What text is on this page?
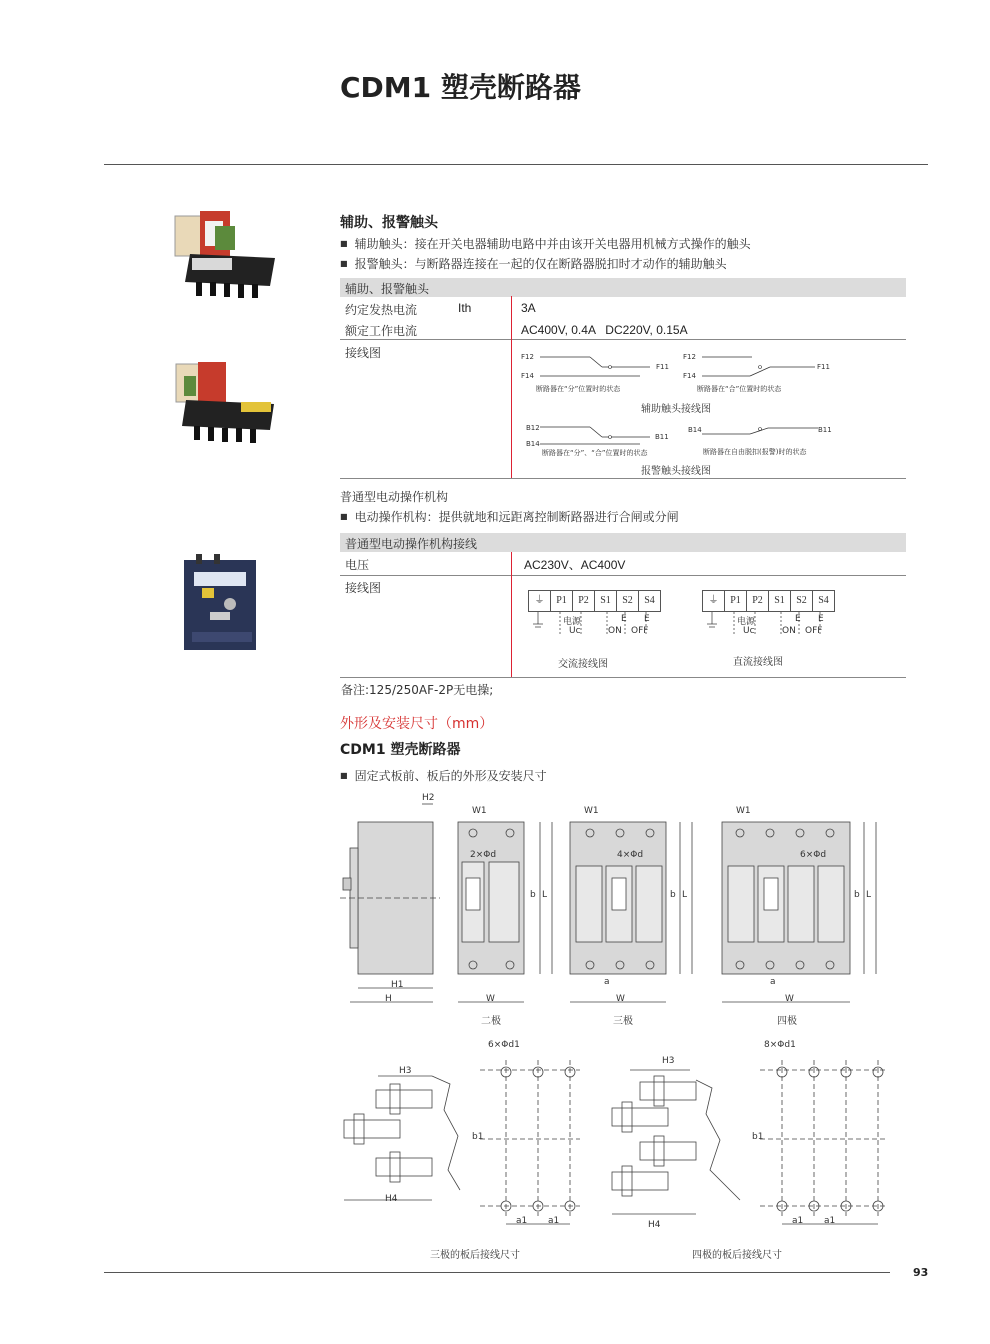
CDM1 塑壳断路器
辅助、报警触头
■ 辅助触头：接在开关电器辅助电路中并由该开关电器用机械方式操作的触头
■ 报警触头：与断路器连接在一起的仅在断路器脱扣时才动作的辅助触头
辅助、报警触头
约定发热电流	Ith	3A
额定工作电流	AC400V, 0.4A   DC220V, 0.15A
接线图	F12
F14
F11
F12
F14
F11
断路器在“分”位置时的状态	断路器在“合”位置时的状态
辅助触头接线图
B12
B14
B11
B14	B11
断路器在“分”、“合”位置时的状态	断路器在自由脱扣(报警)时的状态
报警触头接线图
普通型电动操作机构
■ 电动操作机构：提供就地和远距离控制断路器进行合闸或分闸
普通型电动操作机构接线
电压	AC230V、AC400V
接线图
⏚	P1	P2	S1	S2	S4
电源
Uc
E E
ON OFF
交流接线图
⏚	P1	P2	S1	S2	S4
电源
Uc
E E
ON OFF
直流接线图
备注:125/250AF-2P无电操;
外形及安装尺寸（mm）
CDM1 塑壳断路器
■ 固定式板前、板后的外形及安装尺寸
H2
H1
H
W1
2×Φd
b L
W
W1
4×Φd
a
b L
W
W1
6×Φd
a
b L
W
二极	三极	四极
6×Φd1
H3
H4
b1
a1 a1
8×Φd1
H3
H4
b1
a1 a1
三极的板后接线尺寸	四极的板后接线尺寸
93
